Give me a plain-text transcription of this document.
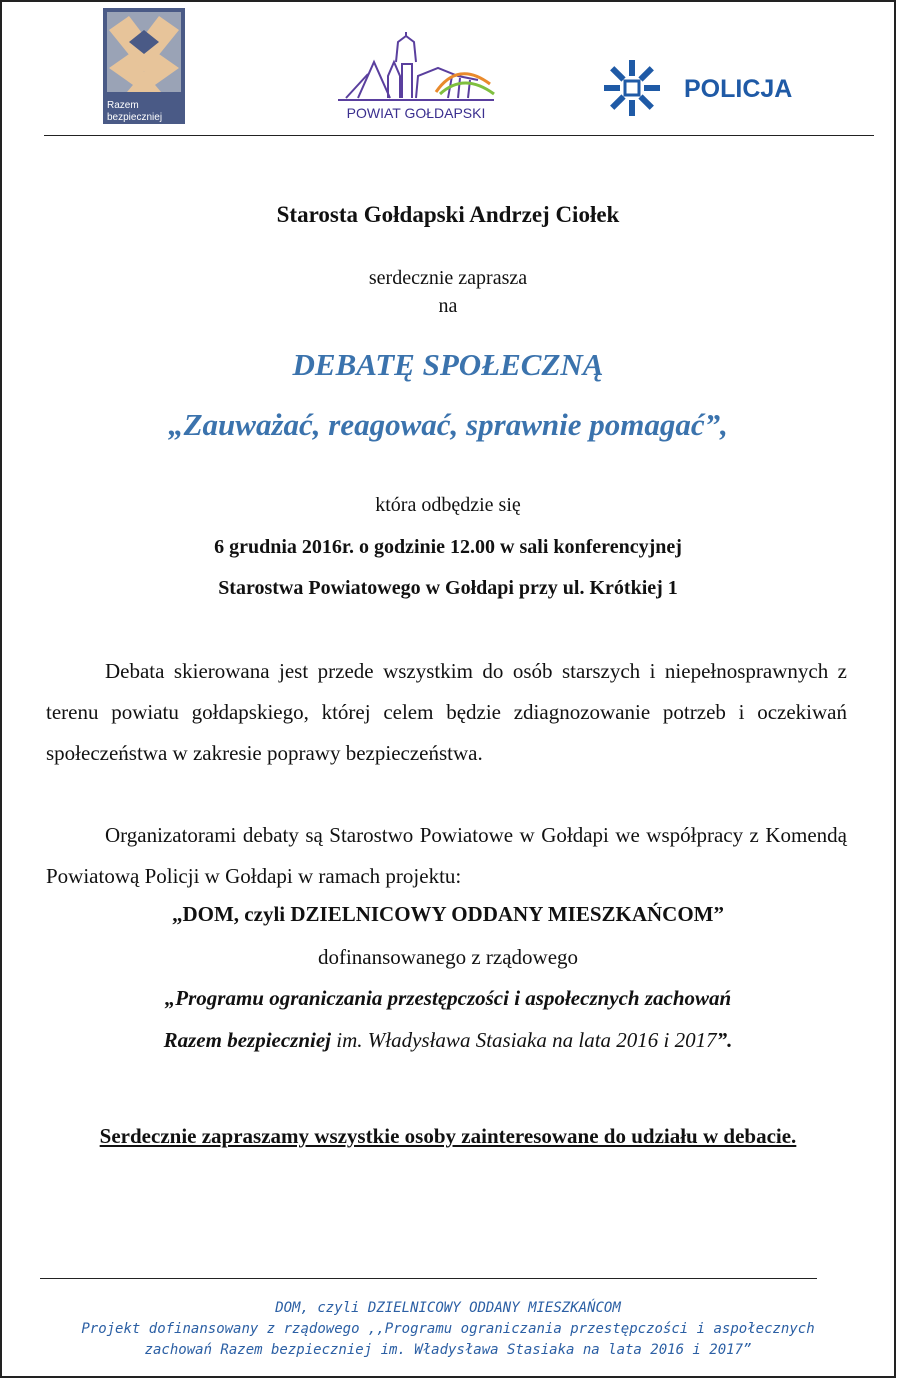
Razem
bezpieczniej	POWIAT GOŁDAPSKI
POLICJA
Starosta Gołdapski Andrzej Ciołek
serdecznie zaprasza
na
DEBATĘ SPOŁECZNĄ
„Zauważać, reagować, sprawnie pomagać”,
która odbędzie się
6 grudnia 2016r. o godzinie 12.00 w sali konferencyjnej
Starostwa Powiatowego w Gołdapi przy ul. Krótkiej 1
Debata skierowana jest przede wszystkim do osób starszych i niepełnosprawnych z terenu powiatu gołdapskiego, której celem będzie zdiagnozowanie potrzeb i oczekiwań społeczeństwa w zakresie poprawy bezpieczeństwa.
Organizatorami debaty są Starostwo Powiatowe w Gołdapi we współpracy z Komendą Powiatową Policji w Gołdapi w ramach projektu:
„DOM, czyli DZIELNICOWY ODDANY MIESZKAŃCOM”
dofinansowanego z rządowego
„Programu ograniczania przestępczości i aspołecznych zachowań
Razem bezpieczniej im. Władysława Stasiaka na lata 2016 i 2017”.
Serdecznie zapraszamy wszystkie osoby zainteresowane do udziału w debacie.
DOM, czyli DZIELNICOWY ODDANY MIESZKAŃCOM
Projekt dofinansowany z rządowego ,,Programu ograniczania przestępczości i aspołecznych
zachowań Razem bezpieczniej im. Władysława Stasiaka na lata 2016 i 2017”
